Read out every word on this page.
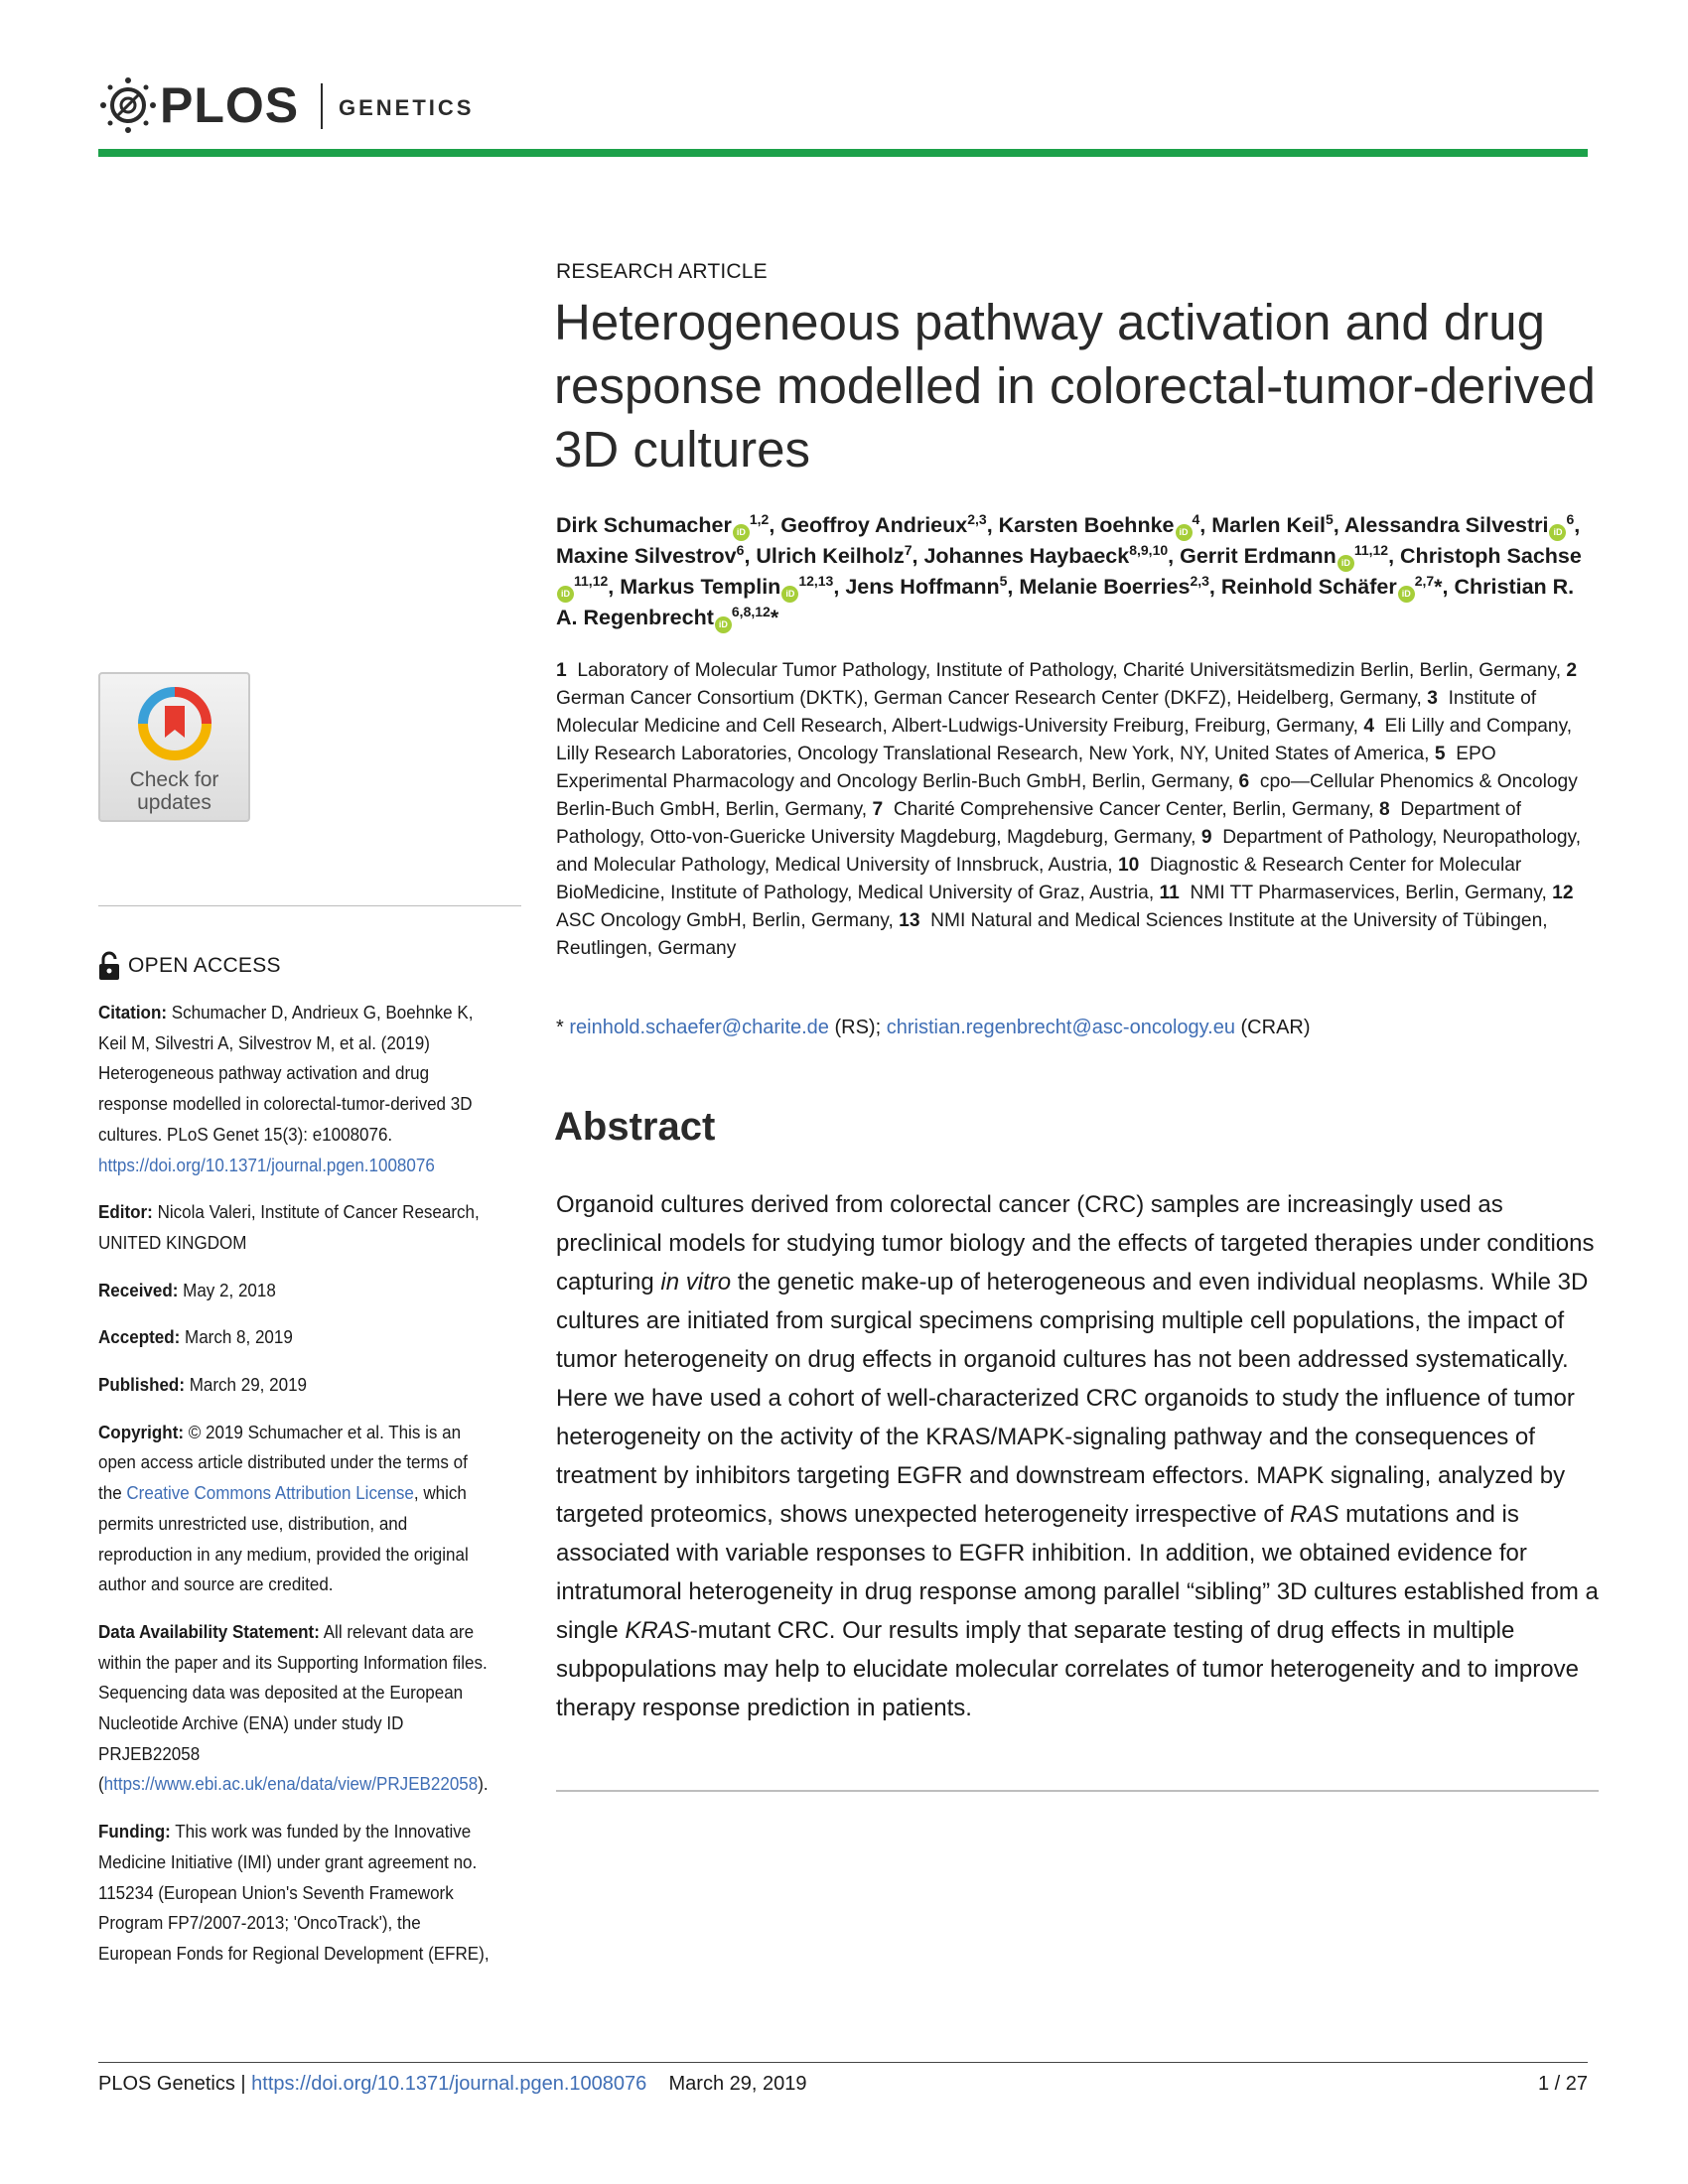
PLOS GENETICS
Check for updates
OPEN ACCESS

Citation: Schumacher D, Andrieux G, Boehnke K, Keil M, Silvestri A, Silvestrov M, et al. (2019) Heterogeneous pathway activation and drug response modelled in colorectal-tumor-derived 3D cultures. PLoS Genet 15(3): e1008076. https://doi.org/10.1371/journal.pgen.1008076

Editor: Nicola Valeri, Institute of Cancer Research, UNITED KINGDOM

Received: May 2, 2018

Accepted: March 8, 2019

Published: March 29, 2019

Copyright: © 2019 Schumacher et al. This is an open access article distributed under the terms of the Creative Commons Attribution License, which permits unrestricted use, distribution, and reproduction in any medium, provided the original author and source are credited.

Data Availability Statement: All relevant data are within the paper and its Supporting Information files. Sequencing data was deposited at the European Nucleotide Archive (ENA) under study ID PRJEB22058 (https://www.ebi.ac.uk/ena/data/view/PRJEB22058).

Funding: This work was funded by the Innovative Medicine Initiative (IMI) under grant agreement no. 115234 (European Union's Seventh Framework Program FP7/2007-2013; 'OncoTrack'), the European Fonds for Regional Development (EFRE),

RESEARCH ARTICLE
Heterogeneous pathway activation and drug response modelled in colorectal-tumor-derived 3D cultures
Dirk Schumacher iD$^{1,2}$, Geoffroy Andrieux$^{2,3}$, Karsten Boehnke $iD^4$, Marlen Keil$^5$, Alessandra Silvestri $iD^6$, Maxine Silvestrov$^6$, Ulrich Keilholz$^7$, Johannes Haybaeck$^{8,9,10}$, Gerrit Erdmann iD$^{11,12}$, Christoph SachseiD$^{11,12}$, Markus Templin iD$^{12,13}$, Jens Hoffmann$^5$, Melanie Boerries$^{2,3}$, Reinhold Schäfer iD$^{2,7}$*, Christian R. A. Regenbrecht iD$^{6,8,12}$*
1 Laboratory of Molecular Tumor Pathology, Institute of Pathology, Charité Universitätsmedizin Berlin, Berlin, Germany, 2  German Cancer Consortium (DKTK), German Cancer Research Center (DKFZ), Heidelberg, Germany, 3 Institute of Molecular Medicine and Cell Research, Albert-Ludwigs-University Freiburg, Freiburg, Germany, 4 Eli Lilly and Company, Lilly Research Laboratories, Oncology Translational Research, New York, NY, United States of America, 5 EPO Experimental Pharmacology and Oncology Berlin-Buch GmbH, Berlin, Germany, 6 cpo—Cellular Phenomics & Oncology Berlin-Buch GmbH, Berlin, Germany, 7 Charité Comprehensive Cancer Center, Berlin, Germany, 8 Department of Pathology, Otto-von-Guericke University Magdeburg, Magdeburg, Germany, 9 Department of Pathology, Neuropathology, and Molecular Pathology, Medical University of Innsbruck, Austria, 10 Diagnostic & Research Center for Molecular BioMedicine, Institute of Pathology, Medical University of Graz, Austria, 11 NMI TT Pharmaservices, Berlin, Germany, 12  ASC Oncology GmbH, Berlin, Germany, 13 NMI Natural and Medical Sciences Institute at the University of Tübingen, Reutlingen, Germany
* reinhold.schaefer@charite.de (RS); christian.regenbrecht@asc-oncology.eu (CRAR)
Abstract

Organoid cultures derived from colorectal cancer (CRC) samples are increasingly used as preclinical models for studying tumor biology and the effects of targeted therapies under conditions capturing in vitro the genetic make-up of heterogeneous and even individual neoplasms. While 3D cultures are initiated from surgical specimens comprising multiple cell populations, the impact of tumor heterogeneity on drug effects in organoid cultures has not been addressed systematically. Here we have used a cohort of well-characterized CRC organoids to study the influence of tumor heterogeneity on the activity of the KRAS/MAPK-signaling pathway and the consequences of treatment by inhibitors targeting EGFR and downstream effectors. MAPK signaling, analyzed by targeted proteomics, shows unexpected heterogeneity irrespective of RAS mutations and is associated with variable responses to EGFR inhibition. In addition, we obtained evidence for intratumoral heterogeneity in drug response among parallel “sibling” 3D cultures established from a single KRAS-mutant CRC. Our results imply that separate testing of drug effects in multiple subpopulations may help to elucidate molecular correlates of tumor heterogeneity and to improve therapy response prediction in patients.

PLOS Genetics | https://doi.org/10.1371/journal.pgen.1008076 March 29, 2019	1 / 27
